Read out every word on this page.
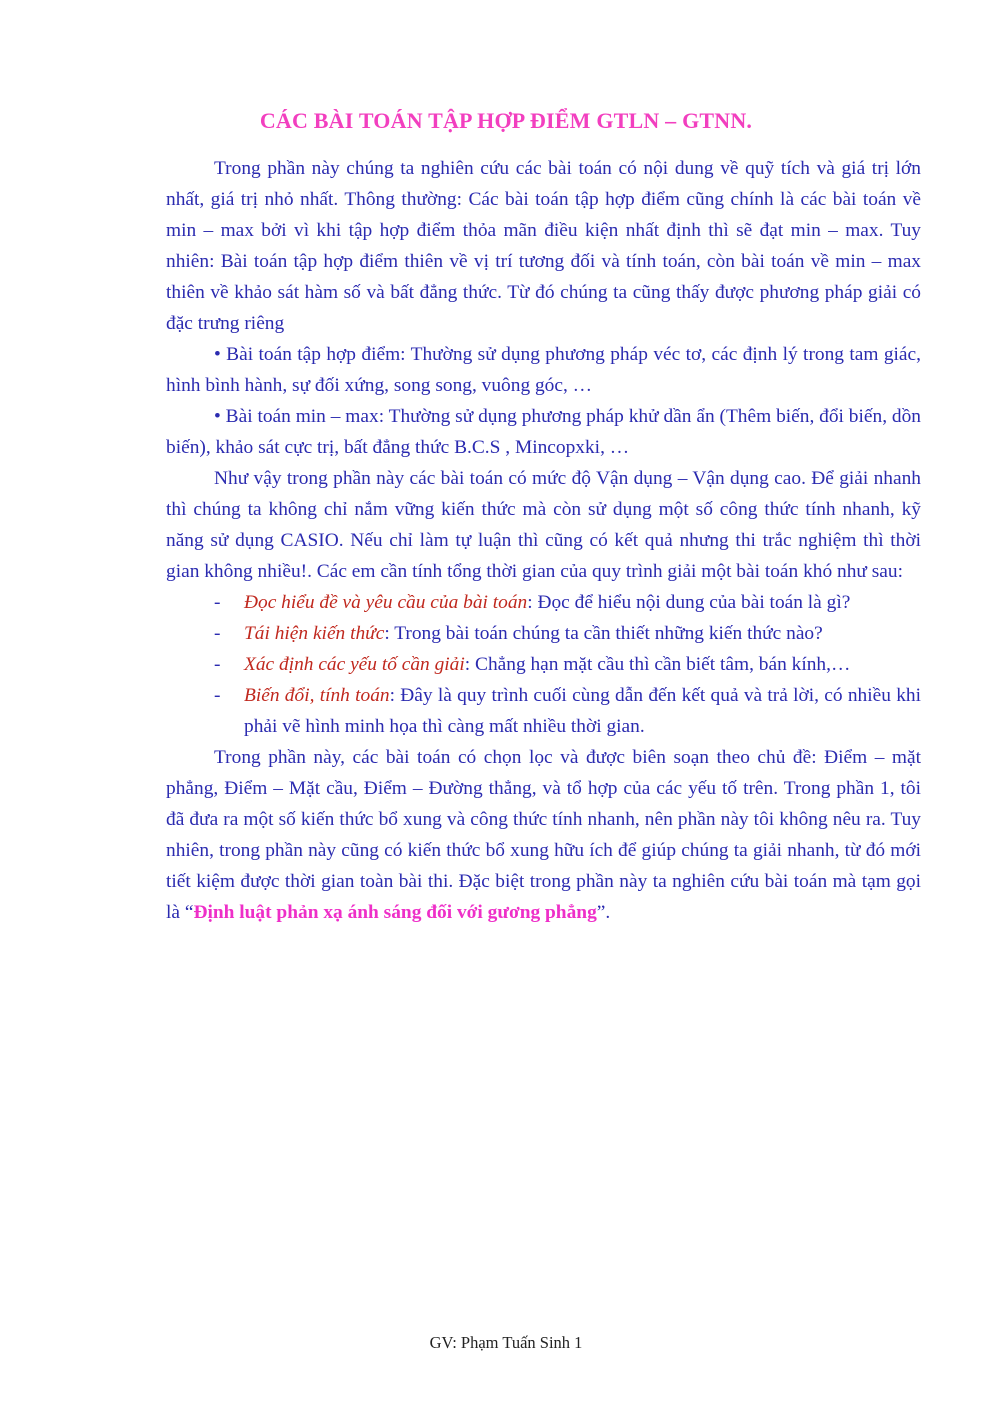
CÁC BÀI TOÁN TẬP HỢP ĐIỂM GTLN – GTNN.

Trong phần này chúng ta nghiên cứu các bài toán có nội dung về quỹ tích và giá trị lớn nhất, giá trị nhỏ nhất. Thông thường: Các bài toán tập hợp điểm cũng chính là các bài toán về min – max bởi vì khi tập hợp điểm thỏa mãn điều kiện nhất định thì sẽ đạt min – max. Tuy nhiên: Bài toán tập hợp điểm thiên về vị trí tương đối và tính toán, còn bài toán về min – max thiên về khảo sát hàm số và bất đẳng thức. Từ đó chúng ta cũng thấy được phương pháp giải có đặc trưng riêng

• Bài toán tập hợp điểm: Thường sử dụng phương pháp véc tơ, các định lý trong tam giác, hình bình hành, sự đối xứng, song song, vuông góc, …

• Bài toán min – max: Thường sử dụng phương pháp khử dần ẩn (Thêm biến, đổi biến, dồn biến), khảo sát cực trị, bất đẳng thức B.C.S , Mincopxki, …

Như vậy trong phần này các bài toán có mức độ Vận dụng – Vận dụng cao. Để giải nhanh thì chúng ta không chỉ nắm vững kiến thức mà còn sử dụng một số công thức tính nhanh, kỹ năng sử dụng CASIO. Nếu chỉ làm tự luận thì cũng có kết quả nhưng thi trắc nghiệm thì thời gian không nhiều!. Các em cần tính tổng thời gian của quy trình giải một bài toán khó như sau:

- Đọc hiểu đề và yêu cầu của bài toán: Đọc để hiểu nội dung của bài toán là gì?
- Tái hiện kiến thức: Trong bài toán chúng ta cần thiết những kiến thức nào?
- Xác định các yếu tố cần giải: Chẳng hạn mặt cầu thì cần biết tâm, bán kính,…
- Biến đổi, tính toán: Đây là quy trình cuối cùng dẫn đến kết quả và trả lời, có nhiều khi phải vẽ hình minh họa thì càng mất nhiều thời gian.

Trong phần này, các bài toán có chọn lọc và được biên soạn theo chủ đề: Điểm – mặt phẳng, Điểm – Mặt cầu, Điểm – Đường thẳng, và tổ hợp của các yếu tố trên. Trong phần 1, tôi đã đưa ra một số kiến thức bổ xung và công thức tính nhanh, nên phần này tôi không nêu ra. Tuy nhiên, trong phần này cũng có kiến thức bổ xung hữu ích để giúp chúng ta giải nhanh, từ đó mới tiết kiệm được thời gian toàn bài thi. Đặc biệt trong phần này ta nghiên cứu bài toán mà tạm gọi là “Định luật phản xạ ánh sáng đối với gương phẳng”.

GV: Phạm Tuấn Sinh 1
